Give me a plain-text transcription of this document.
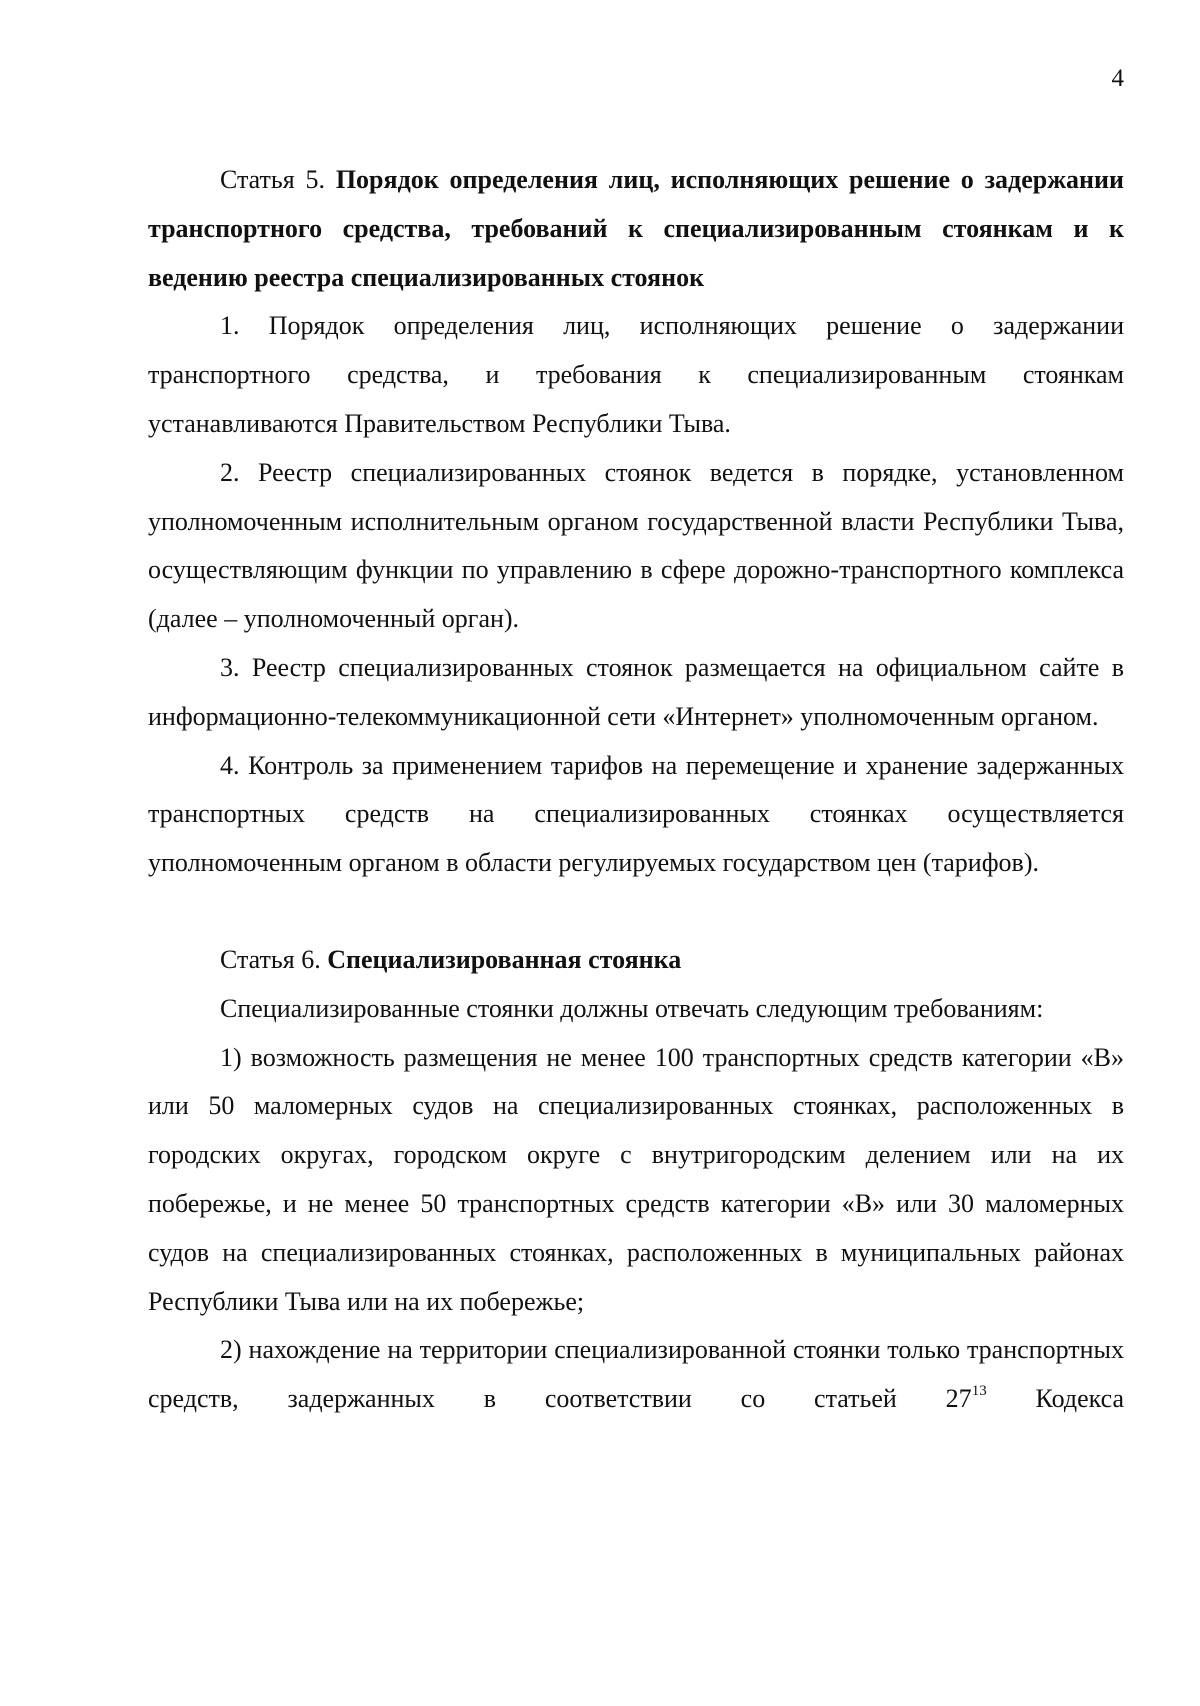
4

Статья 5. Порядок определения лиц, исполняющих решение о задержании транспортного средства, требований к специализированным стоянкам и к ведению реестра специализированных стоянок

1. Порядок определения лиц, исполняющих решение о задержании транспортного средства, и требования к специализированным стоянкам устанавливаются Правительством Республики Тыва.

2. Реестр специализированных стоянок ведется в порядке, установленном уполномоченным исполнительным органом государственной власти Республики Тыва, осуществляющим функции по управлению в сфере дорожно-транспортного комплекса (далее – уполномоченный орган).

3. Реестр специализированных стоянок размещается на официальном сайте в информационно-телекоммуникационной сети «Интернет» уполномоченным органом.

4. Контроль за применением тарифов на перемещение и хранение задержанных транспортных средств на специализированных стоянках осуществляется уполномоченным органом в области регулируемых государством цен (тарифов).

Статья 6. Специализированная стоянка

Специализированные стоянки должны отвечать следующим требованиям:

1) возможность размещения не менее 100 транспортных средств категории «В» или 50 маломерных судов на специализированных стоянках, расположенных в городских округах, городском округе с внутригородским делением или на их побережье, и не менее 50 транспортных средств категории «В» или 30 маломерных судов на специализированных стоянках, расположенных в муниципальных районах Республики Тыва или на их побережье;

2) нахождение на территории специализированной стоянки только транспортных средств, задержанных в соответствии со статьей $27^{13}$ Кодекса
